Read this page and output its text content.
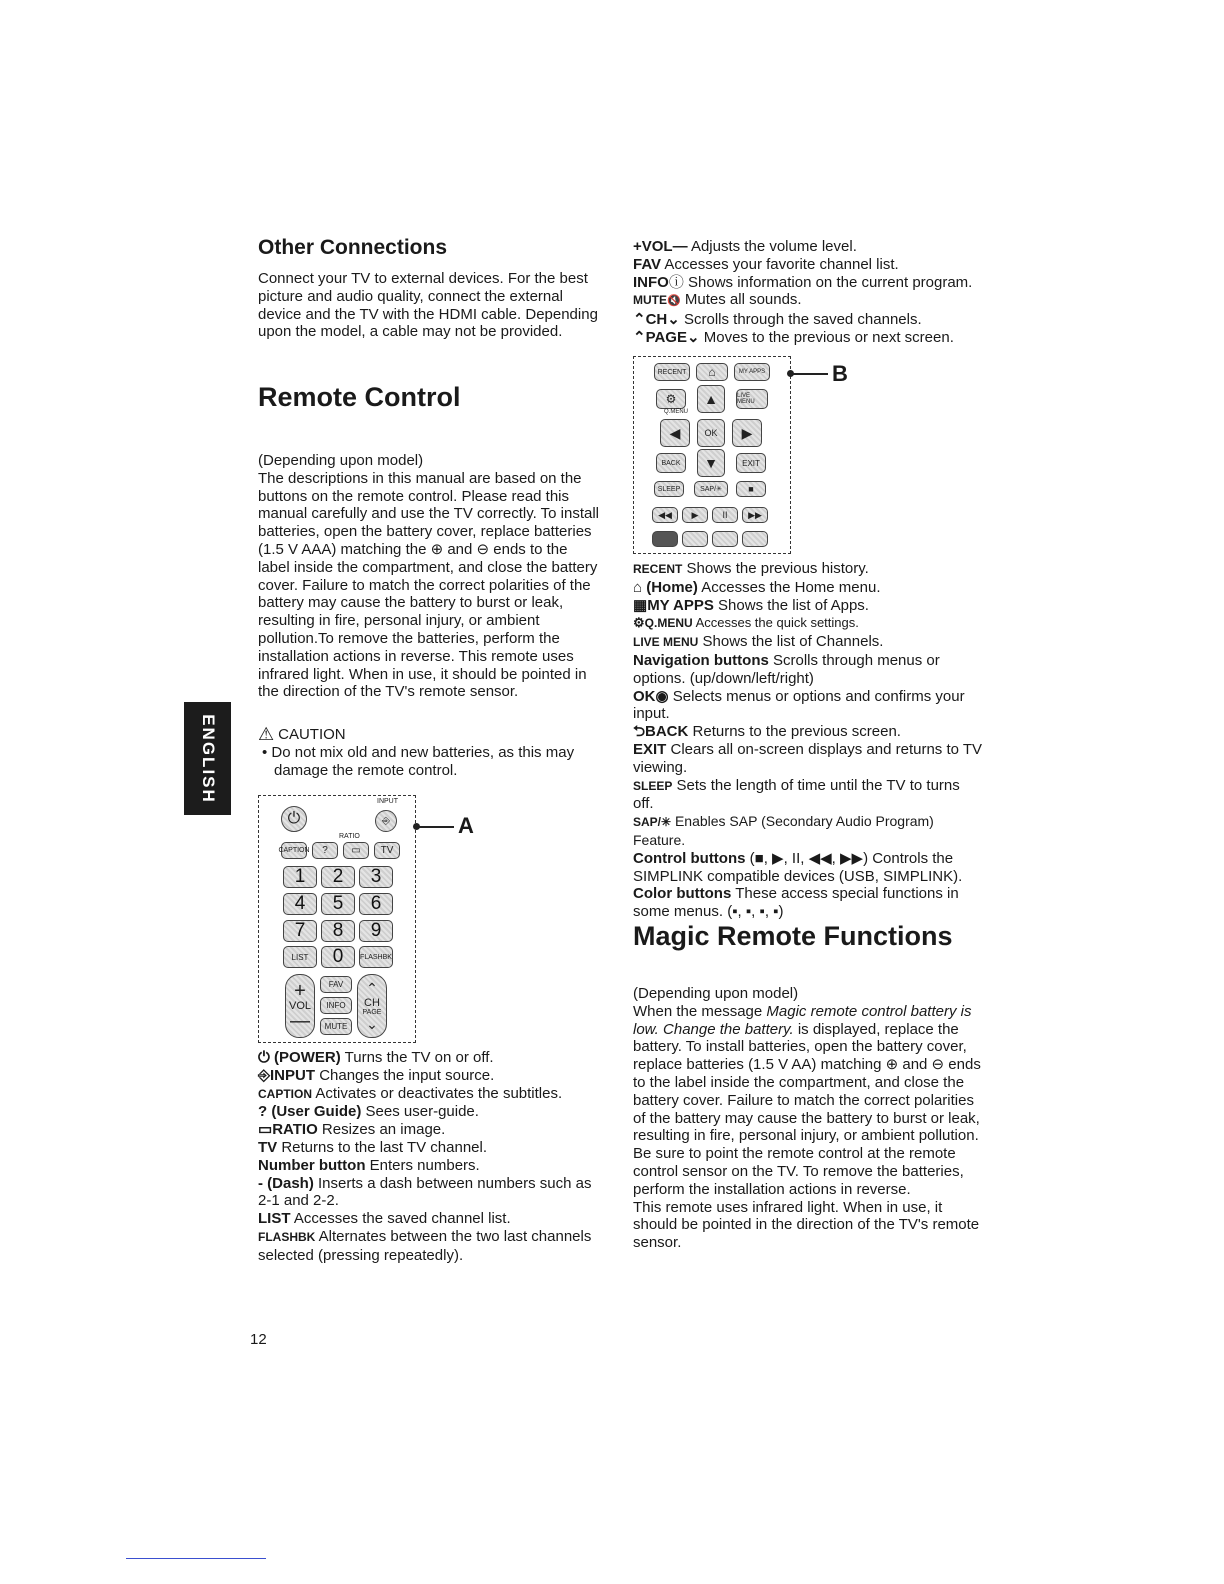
Other Connections

Connect your TV to external devices. For the best picture and audio quality, connect the external device and the TV with the HDMI cable. Depending upon the model, a cable may not be provided.

Remote Control

(Depending upon model)

The descriptions in this manual are based on the buttons on the remote control. Please read this manual carefully and use the TV correctly. To install batteries, open the battery cover, replace batteries (1.5 V AAA) matching the ⊕ and ⊖ ends to the label inside the compartment, and close the battery cover. Failure to match the correct polarities of the battery may cause the battery to burst or leak, resulting in fire, personal injury, or ambient pollution.To remove the batteries, perform the installation actions in reverse. This remote uses infrared light. When in use, it should be pointed in the direction of the TV's remote sensor.

⚠ CAUTION

• Do not mix old and new batteries, as this may damage the remote control.

⏻
INPUT
⎆
RATIO
CAPTION	?	▭	TV
1	2	3
4	5	6
7	8	9
LIST	0	FLASHBK
+
VOL
—
FAV
INFO
MUTE
⌃
CH
PAGE
⌄
A

⏻ (POWER) Turns the TV on or off.

⎆INPUT Changes the input source.

CAPTION Activates or deactivates the subtitles.

? (User Guide) Sees user-guide.

▭RATIO Resizes an image.

TV Returns to the last TV channel.

Number button Enters numbers.

- (Dash) Inserts a dash between numbers such as 2-1 and 2-2.

LIST Accesses the saved channel list.

FLASHBK Alternates between the two last channels selected (pressing repeatedly).

+VOL— Adjusts the volume level.

FAV Accesses your favorite channel list.

INFOⓘ Shows information on the current program.

MUTE🔇 Mutes all sounds.

⌃CH⌄ Scrolls through the saved channels.

⌃PAGE⌄ Moves to the previous or next screen.

RECENT	⌂	MY APPS
⚙
Q.MENU
▲	LIVE MENU
◀	OK	▶
BACK	▼	EXIT
SLEEP	SAP/✳	■
◀◀	▶	II	▶▶
B

RECENT Shows the previous history.

⌂ (Home) Accesses the Home menu.

▦MY APPS Shows the list of Apps.

⚙Q.MENU Accesses the quick settings.

LIVE MENU Shows the list of Channels.

Navigation buttons Scrolls through menus or options. (up/down/left/right)

OK◉ Selects menus or options and confirms your input.

⮌BACK Returns to the previous screen.

EXIT Clears all on-screen displays and returns to TV viewing.

SLEEP Sets the length of time until the TV to turns off.

SAP/✳ Enables SAP (Secondary Audio Program) Feature.

Control buttons (■, ▶, II, ◀◀, ▶▶) Controls the SIMPLINK compatible devices (USB, SIMPLINK).

Color buttons These access special functions in some menus. (▪, ▪, ▪, ▪)

Magic Remote Functions

(Depending upon model)

When the message Magic remote control battery is low. Change the battery. is displayed, replace the battery. To install batteries, open the battery cover, replace batteries (1.5 V AA) matching ⊕ and ⊖ ends to the label inside the compartment, and close the battery cover. Failure to match the correct polarities of the battery may cause the battery to burst or leak, resulting in fire, personal injury, or ambient pollution. Be sure to point the remote control at the remote control sensor on the TV. To remove the batteries, perform the installation actions in reverse.

This remote uses infrared light. When in use, it should be pointed in the direction of the TV's remote sensor.

ENGLISH
12
